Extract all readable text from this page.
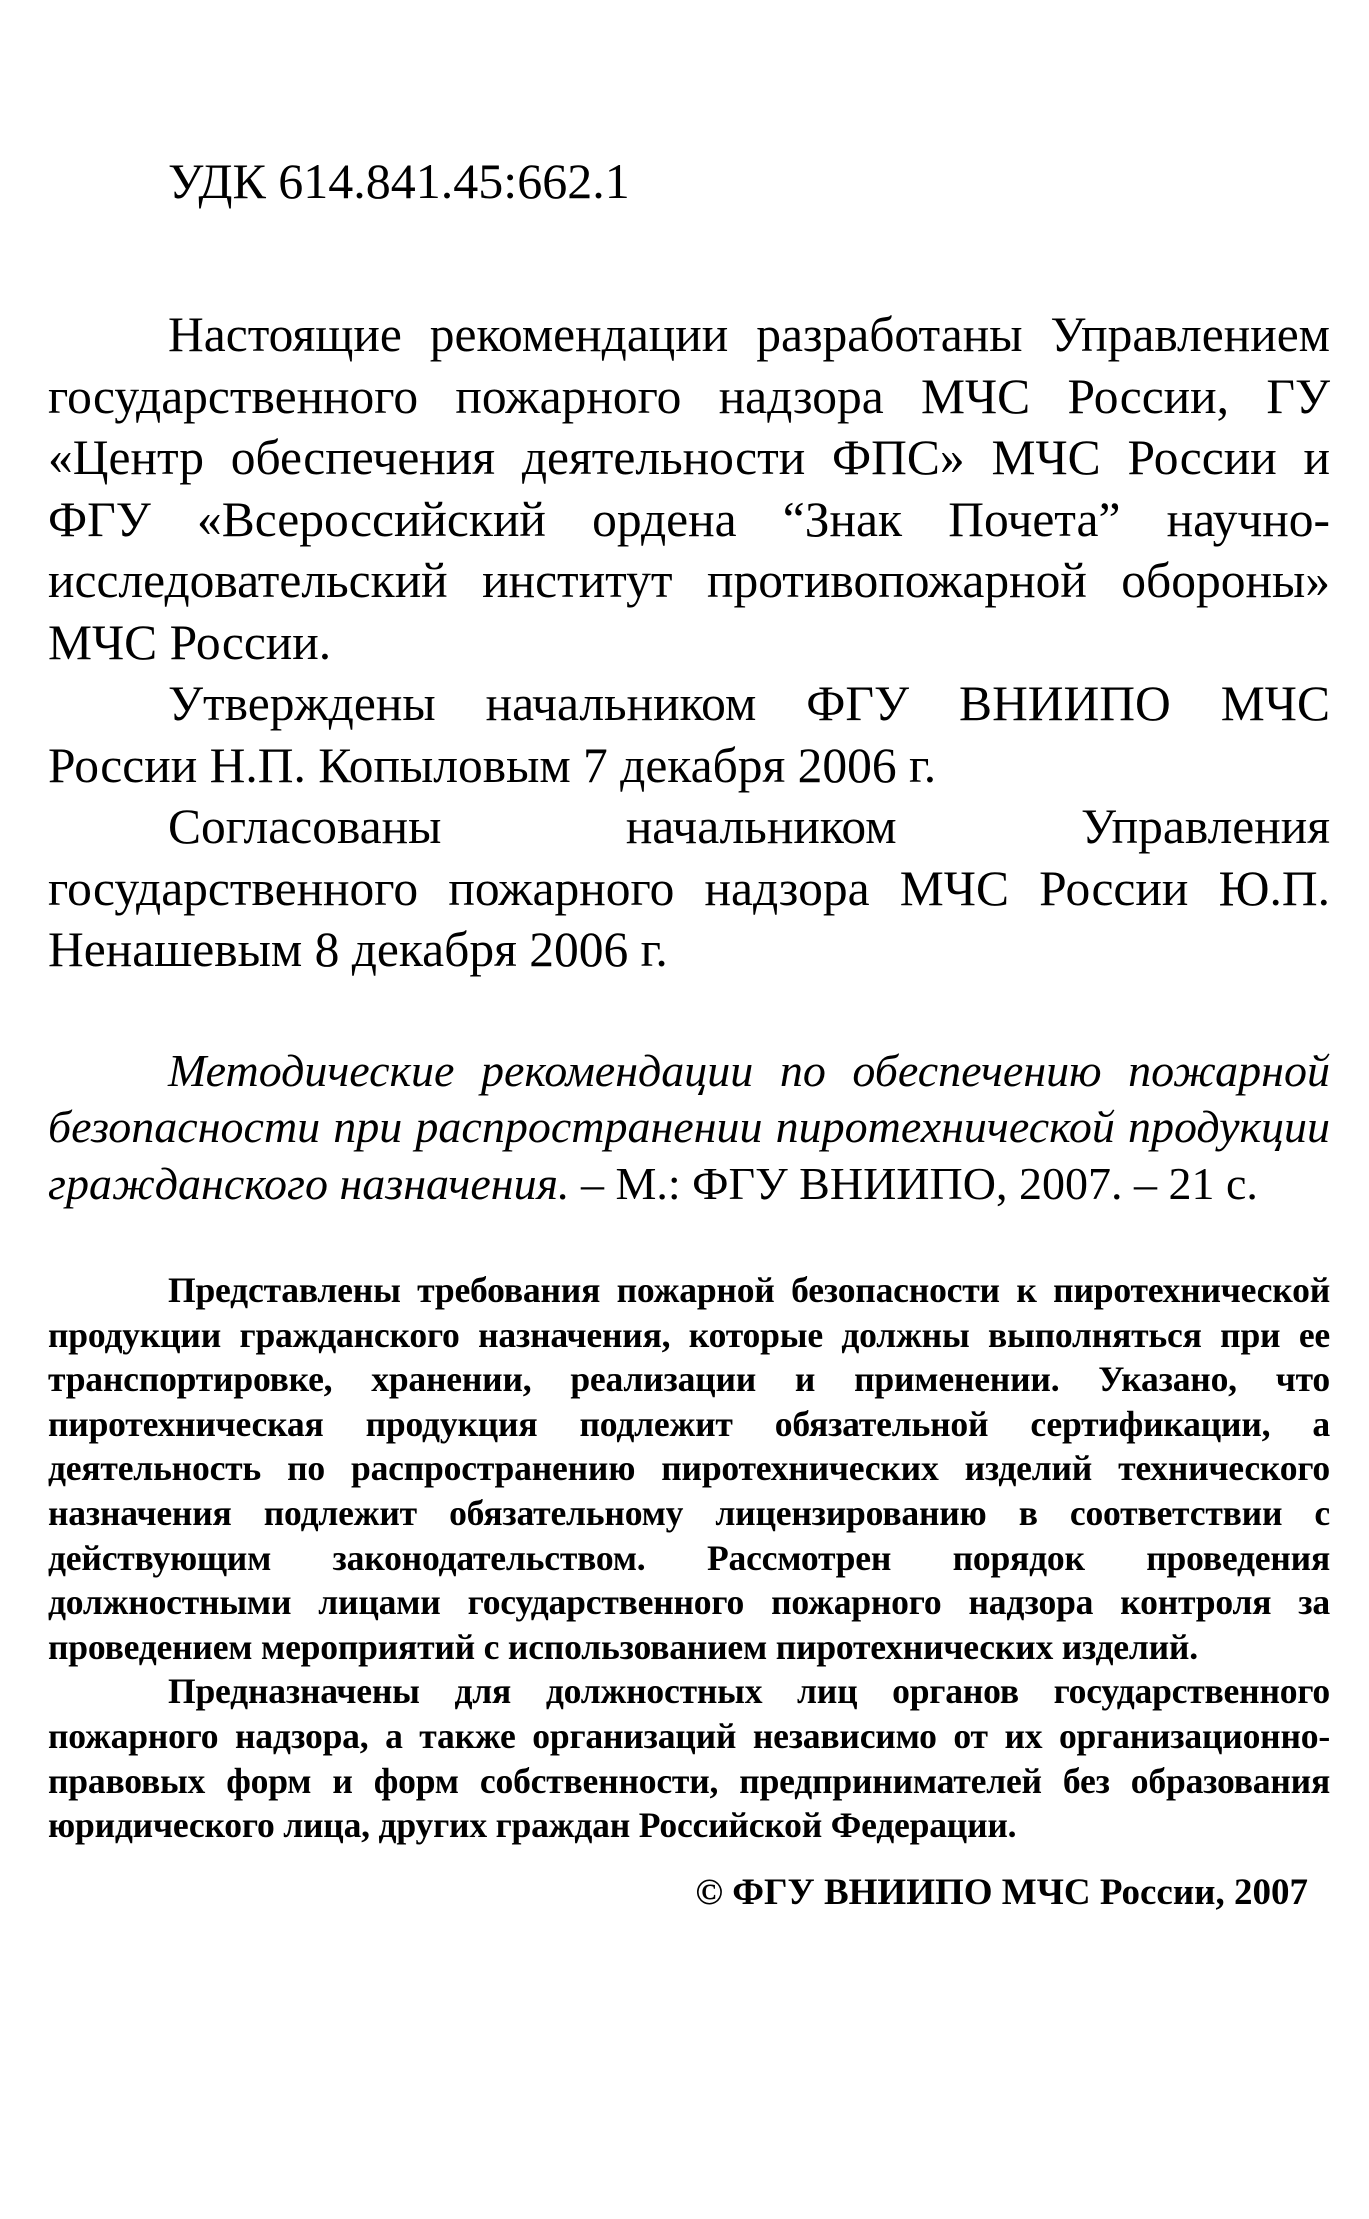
УДК 614.841.45:662.1

Настоящие рекомендации разработаны Управлением государственного пожарного надзора МЧС России, ГУ «Центр обеспечения деятельности ФПС» МЧС России и ФГУ «Всероссийский ордена “Знак Почета” научно-исследовательский институт противопожарной обороны» МЧС России.

Утверждены начальником ФГУ ВНИИПО МЧС России Н.П. Копыловым 7 декабря 2006 г.

Согласованы начальником Управления государственного пожарного надзора МЧС России Ю.П. Ненашевым 8 декабря 2006 г.

Методические рекомендации по обеспечению пожарной безопасности при распространении пиротехнической продукции гражданского назначения. – М.: ФГУ ВНИИПО, 2007. – 21 с.

Представлены требования пожарной безопасности к пиротехнической продукции гражданского назначения, которые должны выполняться при ее транспортировке, хранении, реализации и применении. Указано, что пиротехническая продукция подлежит обязательной сертификации, а деятельность по распространению пиротехнических изделий технического назначения подлежит обязательному лицензированию в соответствии с действующим законодательством. Рассмотрен порядок проведения должностными лицами государственного пожарного надзора контроля за проведением мероприятий с использованием пиротехнических изделий.

Предназначены для должностных лиц органов государственного пожарного надзора, а также организаций независимо от их организационно-правовых форм и форм собственности, предпринимателей без образования юридического лица, других граждан Российской Федерации.

© ФГУ ВНИИПО МЧС России, 2007
